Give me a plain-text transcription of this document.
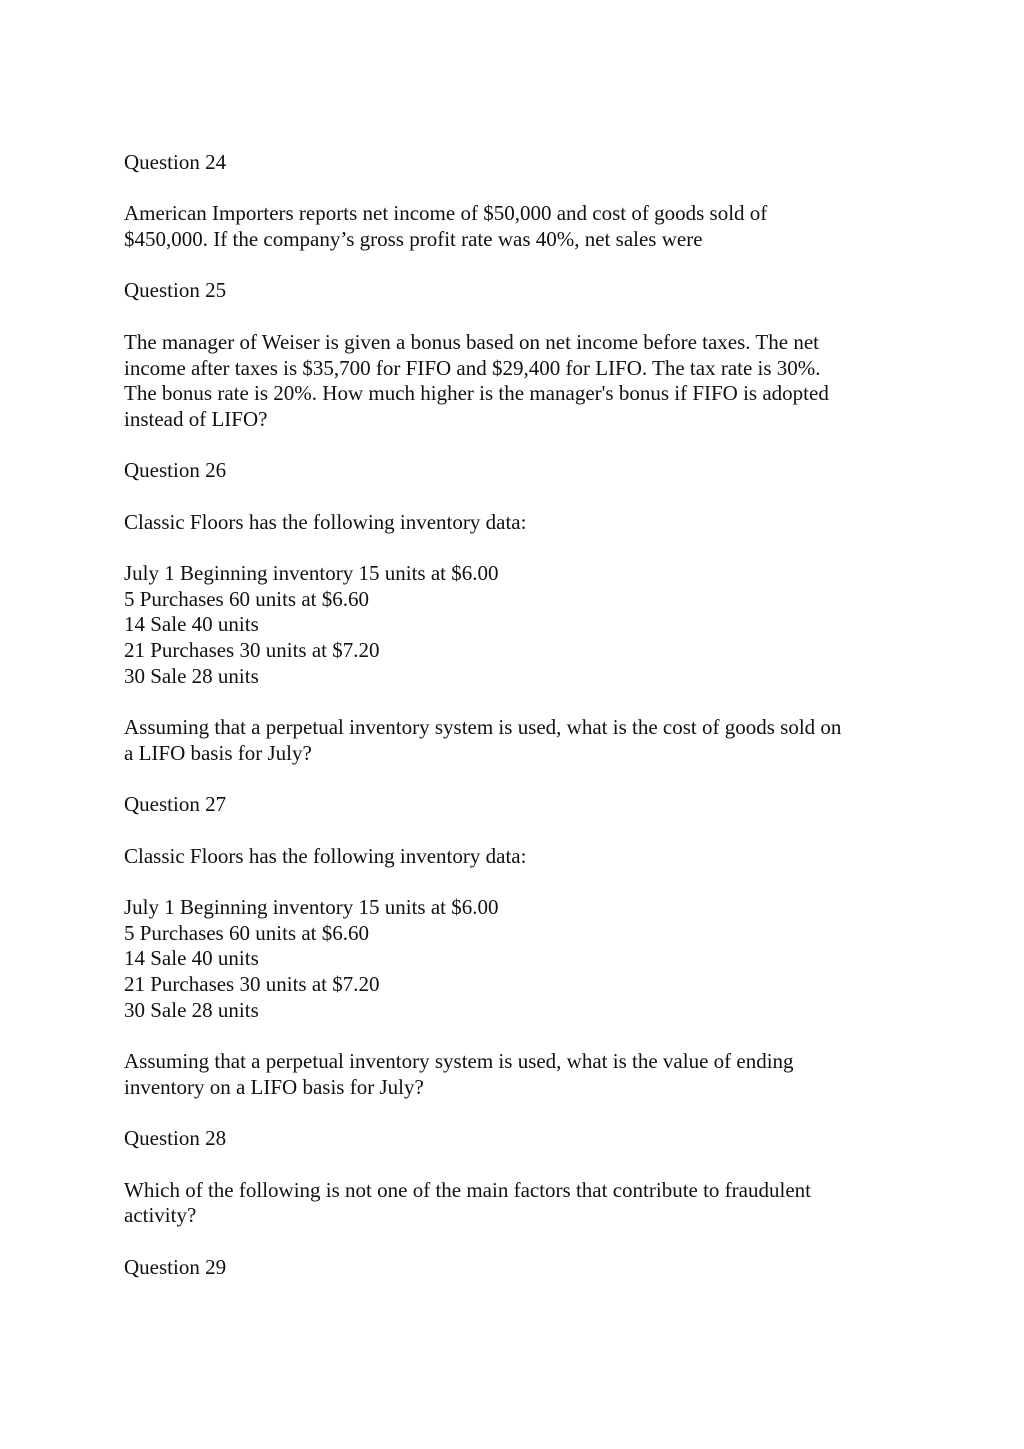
Question 24
American Importers reports net income of $50,000 and cost of goods sold of
$450,000. If the company’s gross profit rate was 40%, net sales were
Question 25
The manager of Weiser is given a bonus based on net income before taxes. The net
income after taxes is $35,700 for FIFO and $29,400 for LIFO. The tax rate is 30%.
The bonus rate is 20%. How much higher is the manager's bonus if FIFO is adopted
instead of LIFO?
Question 26
Classic Floors has the following inventory data:
July 1 Beginning inventory 15 units at $6.00
5 Purchases 60 units at $6.60
14 Sale 40 units
21 Purchases 30 units at $7.20
30 Sale 28 units
Assuming that a perpetual inventory system is used, what is the cost of goods sold on
a LIFO basis for July?
Question 27
Classic Floors has the following inventory data:
July 1 Beginning inventory 15 units at $6.00
5 Purchases 60 units at $6.60
14 Sale 40 units
21 Purchases 30 units at $7.20
30 Sale 28 units
Assuming that a perpetual inventory system is used, what is the value of ending
inventory on a LIFO basis for July?
Question 28
Which of the following is not one of the main factors that contribute to fraudulent
activity?
Question 29
